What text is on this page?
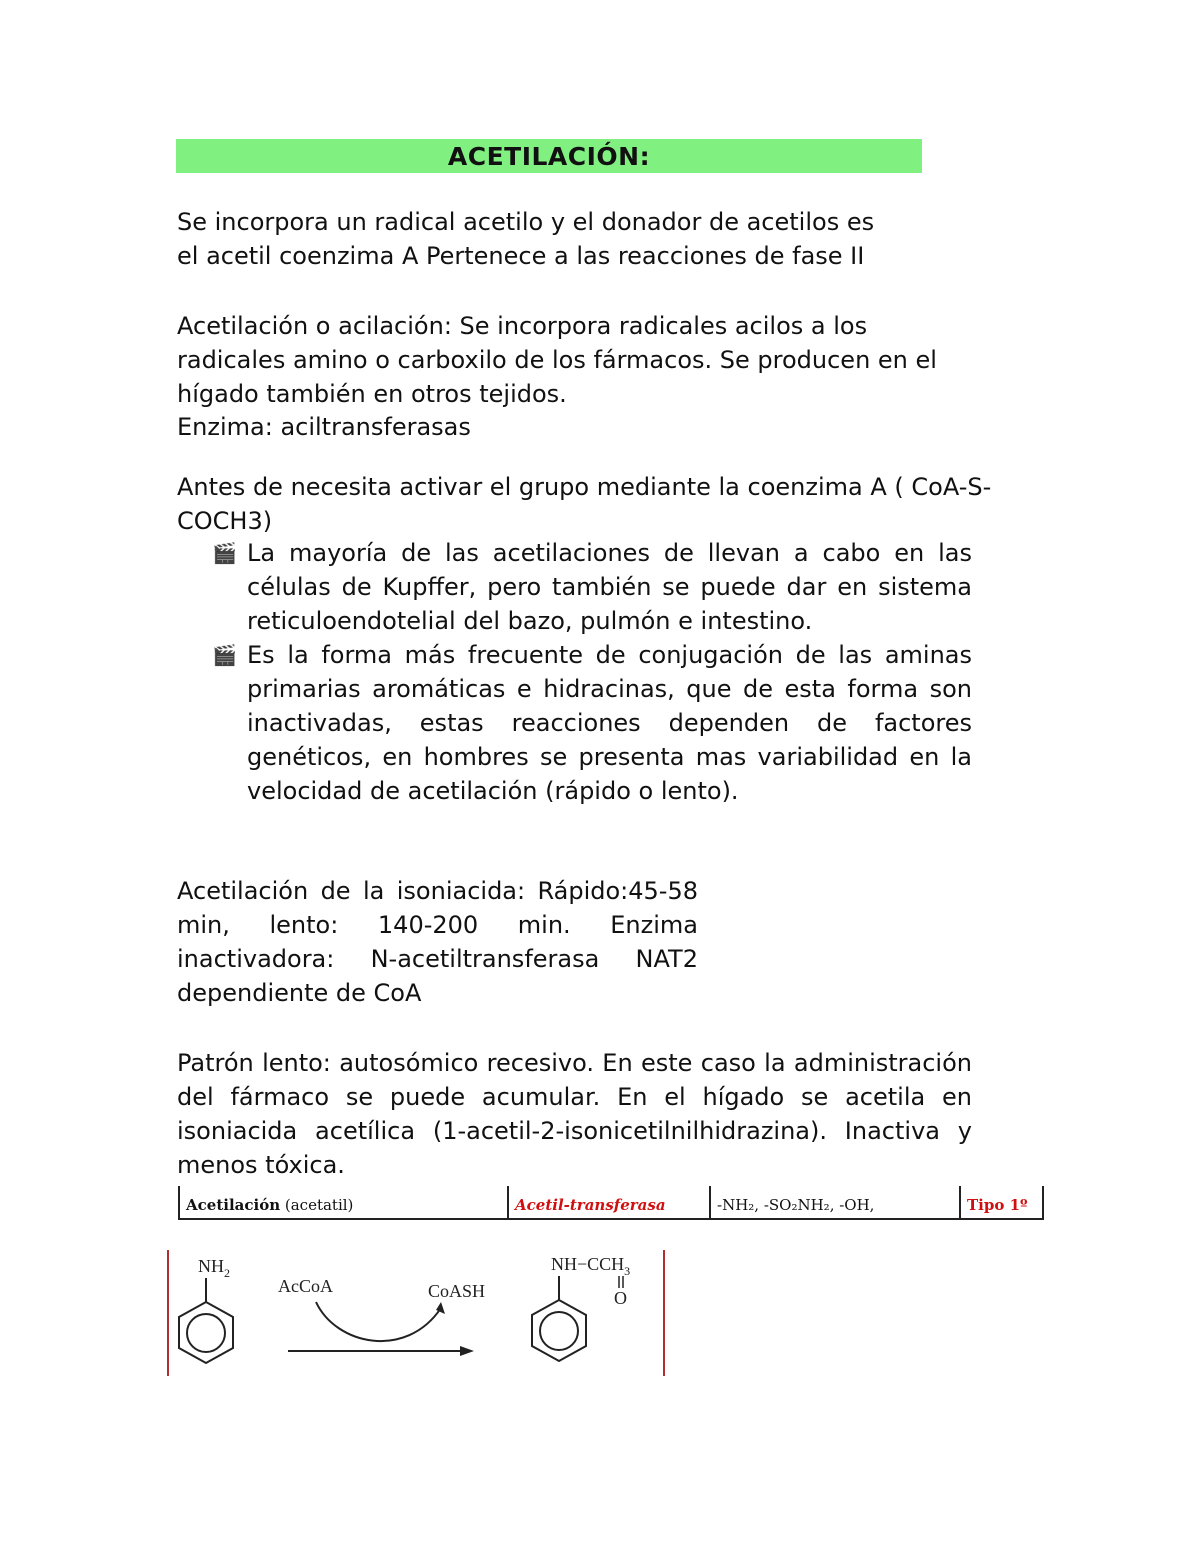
ACETILACIÓN:
Se incorpora un radical acetilo y el donador de acetilos es el acetil coenzima A Pertenece a las reacciones de fase II
Acetilación o acilación: Se incorpora radicales acilos a los radicales amino o carboxilo de los fármacos. Se producen en el hígado también en otros tejidos.
Enzima: aciltransferasas
Antes de necesita activar el grupo mediante la coenzima A ( CoA-S-COCH3)
🎬 La mayoría de las acetilaciones de llevan a cabo en las células de Kupffer, pero también se puede dar en sistema reticuloendotelial del bazo, pulmón e intestino.
🎬 Es la forma más frecuente de conjugación de las aminas primarias aromáticas e hidracinas, que de esta forma son inactivadas, estas reacciones dependen de factores genéticos, en hombres se presenta mas variabilidad en la velocidad de acetilación (rápido o lento).
Acetilación de la isoniacida: Rápido:45-58 min, lento: 140-200 min. Enzima inactivadora: N-acetiltransferasa NAT2 dependiente de CoA
Patrón lento: autosómico recesivo. En este caso la administración del fármaco se puede acumular. En el hígado se acetila en isoniacida acetílica (1-acetil-2-isonicetilnilhidrazina). Inactiva y menos tóxica.
Acetilación (acetatil)	Acetil-transferasa	-NH₂, -SO₂NH₂, -OH,	Tipo 1º
$NH_2$
AcCoA	CoASH
$NH-CCH_3$
O
